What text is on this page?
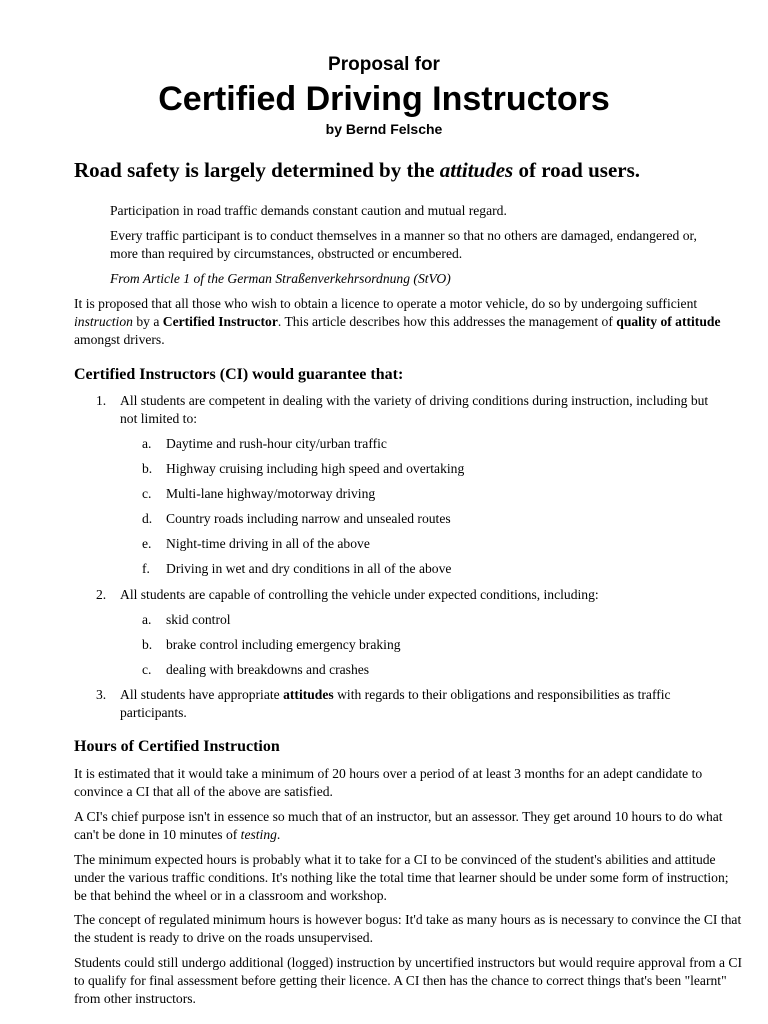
Proposal for
Certified Driving Instructors
by Bernd Felsche
Road safety is largely determined by the attitudes of road users.
Participation in road traffic demands constant caution and mutual regard.
Every traffic participant is to conduct themselves in a manner so that no others are damaged, endangered or, more than required by circumstances, obstructed or encumbered.
From Article 1 of the German Straßenverkehrsordnung (StVO)
It is proposed that all those who wish to obtain a licence to operate a motor vehicle, do so by undergoing sufficient instruction by a Certified Instructor. This article describes how this addresses the management of quality of attitude amongst drivers.
Certified Instructors (CI) would guarantee that:
1.	All students are competent in dealing with the variety of driving conditions during instruction, including but not limited to:
a.	Daytime and rush-hour city/urban traffic
b.	Highway cruising including high speed and overtaking
c.	Multi-lane highway/motorway driving
d.	Country roads including narrow and unsealed routes
e.	Night-time driving in all of the above
f.	Driving in wet and dry conditions in all of the above
2.	All students are capable of controlling the vehicle under expected conditions, including:
a.	skid control
b.	brake control including emergency braking
c.	dealing with breakdowns and crashes
3.	All students have appropriate attitudes with regards to their obligations and responsibilities as traffic participants.
Hours of Certified Instruction
It is estimated that it would take a minimum of 20 hours over a period of at least 3 months for an adept candidate to convince a CI that all of the above are satisfied.
A CI's chief purpose isn't in essence so much that of an instructor, but an assessor. They get around 10 hours to do what can't be done in 10 minutes of testing.
The minimum expected hours is probably what it to take for a CI to be convinced of the student's abilities and attitude under the various traffic conditions. It's nothing like the total time that learner should be under some form of instruction; be that behind the wheel or in a classroom and workshop.
The concept of regulated minimum hours is however bogus: It'd take as many hours as is necessary to convince the CI that the student is ready to drive on the roads unsupervised.
Students could still undergo additional (logged) instruction by uncertified instructors but would require approval from a CI to qualify for final assessment before getting their licence. A CI then has the chance to correct things that's been "learnt" from other instructors.
